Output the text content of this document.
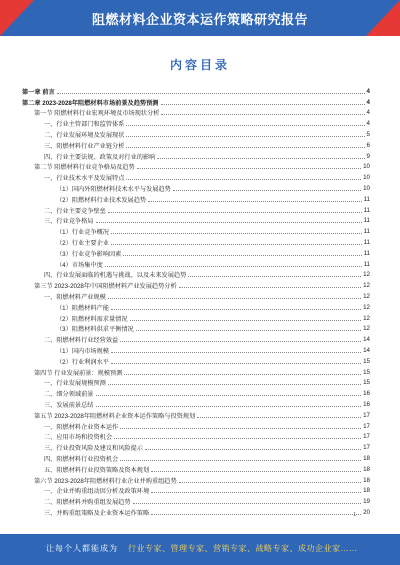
阻燃材料企业资本运作策略研究报告
内容目录
第一章 前言	4
第二章 2023-2028年阻燃材料市场前景及趋势预测	4
第一节 阻燃材料行业宏观环境及市场现状分析	4
一、行业主管部门和监管体系	4
二、行业发展环境及发展现状	5
三、阻燃材料行业产业链分析	6
四、行业主要法规、政策及对行业的影响	9
第二节 阻燃材料行业竞争格局及趋势	10
一、行业技术水平及发展特点	10
（1）国内外阻燃材料技术水平与发展趋势	10
（2）阻燃材料行业技术发展趋势	11
二、行业主要竞争壁垒	11
三、行业竞争格局	11
（1）行业竞争概况	11
（2）行业主要企业	11
（3）行业竞争影响因素	11
（4）市场集中度	11
四、行业发展面临的机遇与挑战、以及未来发展趋势	12
第三节 2023-2028年中国阻燃材料产业发展趋势分析	12
一、阻燃材料产业规模	12
（1）阻燃材料产能	12
（2）阻燃材料需求量情况	12
（3）阻燃材料供求平衡情况	12
二、阻燃材料行业经营效益	14
（1）国内市场规模	14
（2）行业利润水平	15
第四节 行业发展前景：规模预测	15
一、行业发展规模预测	15
二、细分领域前景	16
三、发展前景总结	16
第五节 2023-2028年阻燃材料企业资本运作策略与投资规划	17
一、阻燃材料企业资本运作	17
二、应用市场和投资机会	17
三、行业投资风险及建议和风险提示	17
四、阻燃材料行业投资机会	18
五、阻燃材料行业投资策略及资本规划	18
第六节 2023-2028年阻燃材料行业企业并购重组趋势	18
一、企业并购重组动因分析及政策环境	18
二、阻燃材料并购重组发展趋势	19
三、并购重组策略及企业资本运作策略	20
1
让每个人都能成为 行业专家、管理专家、营销专家、战略专家、成功企业家……
